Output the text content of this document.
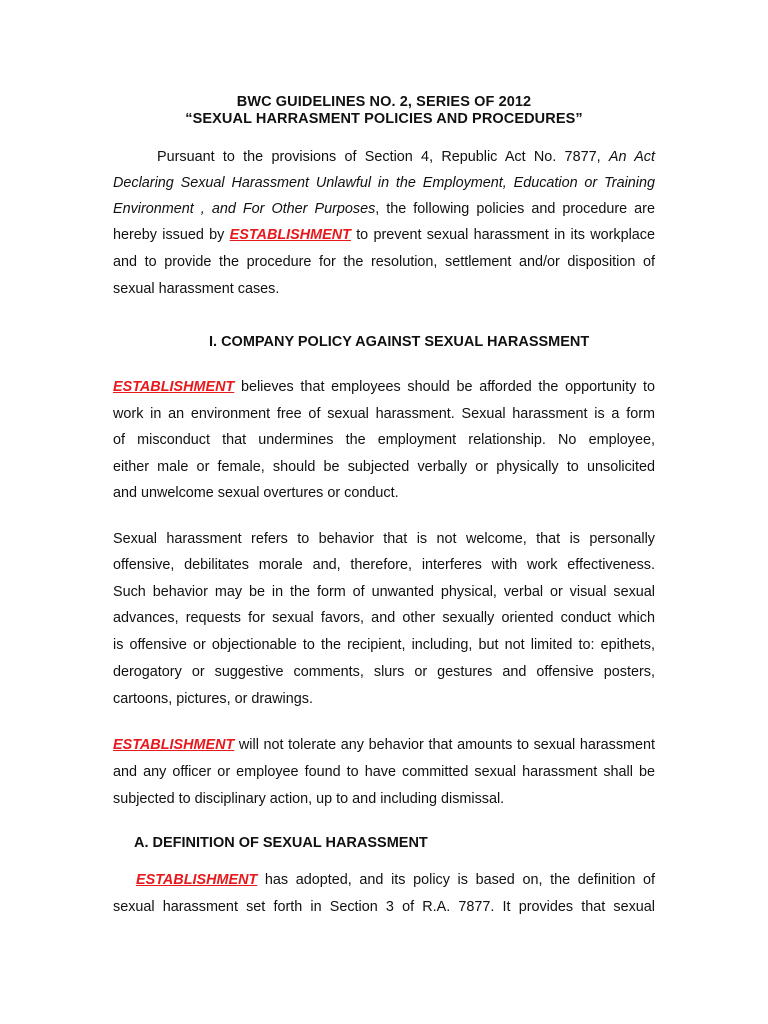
BWC GUIDELINES NO. 2, SERIES OF 2012
“SEXUAL HARRASMENT POLICIES AND PROCEDURES”
Pursuant to the provisions of Section 4, Republic Act No. 7877, An Act
Declaring Sexual Harassment Unlawful in the Employment, Education or Training
Environment , and For Other Purposes, the following policies and procedure are
hereby issued by ESTABLISHMENT to prevent sexual harassment in its workplace
and to provide the procedure for the resolution, settlement and/or disposition of
sexual harassment cases.
I. COMPANY POLICY AGAINST SEXUAL HARASSMENT
ESTABLISHMENT believes that employees should be afforded the opportunity to
work in an environment free of sexual harassment. Sexual harassment is a form
of misconduct that undermines the employment relationship. No employee,
either male or female, should be subjected verbally or physically to unsolicited
and unwelcome sexual overtures or conduct.
Sexual harassment refers to behavior that is not welcome, that is personally
offensive, debilitates morale and, therefore, interferes with work effectiveness.
Such behavior may be in the form of unwanted physical, verbal or visual sexual
advances, requests for sexual favors, and other sexually oriented conduct which
is offensive or objectionable to the recipient, including, but not limited to: epithets,
derogatory or suggestive comments, slurs or gestures and offensive posters,
cartoons, pictures, or drawings.
ESTABLISHMENT will not tolerate any behavior that amounts to sexual harassment
and any officer or employee found to have committed sexual harassment shall be
subjected to disciplinary action, up to and including dismissal.
A. DEFINITION OF SEXUAL HARASSMENT
ESTABLISHMENT has adopted, and its policy is based on, the definition of
sexual harassment set forth in Section 3 of R.A. 7877. It provides that sexual
